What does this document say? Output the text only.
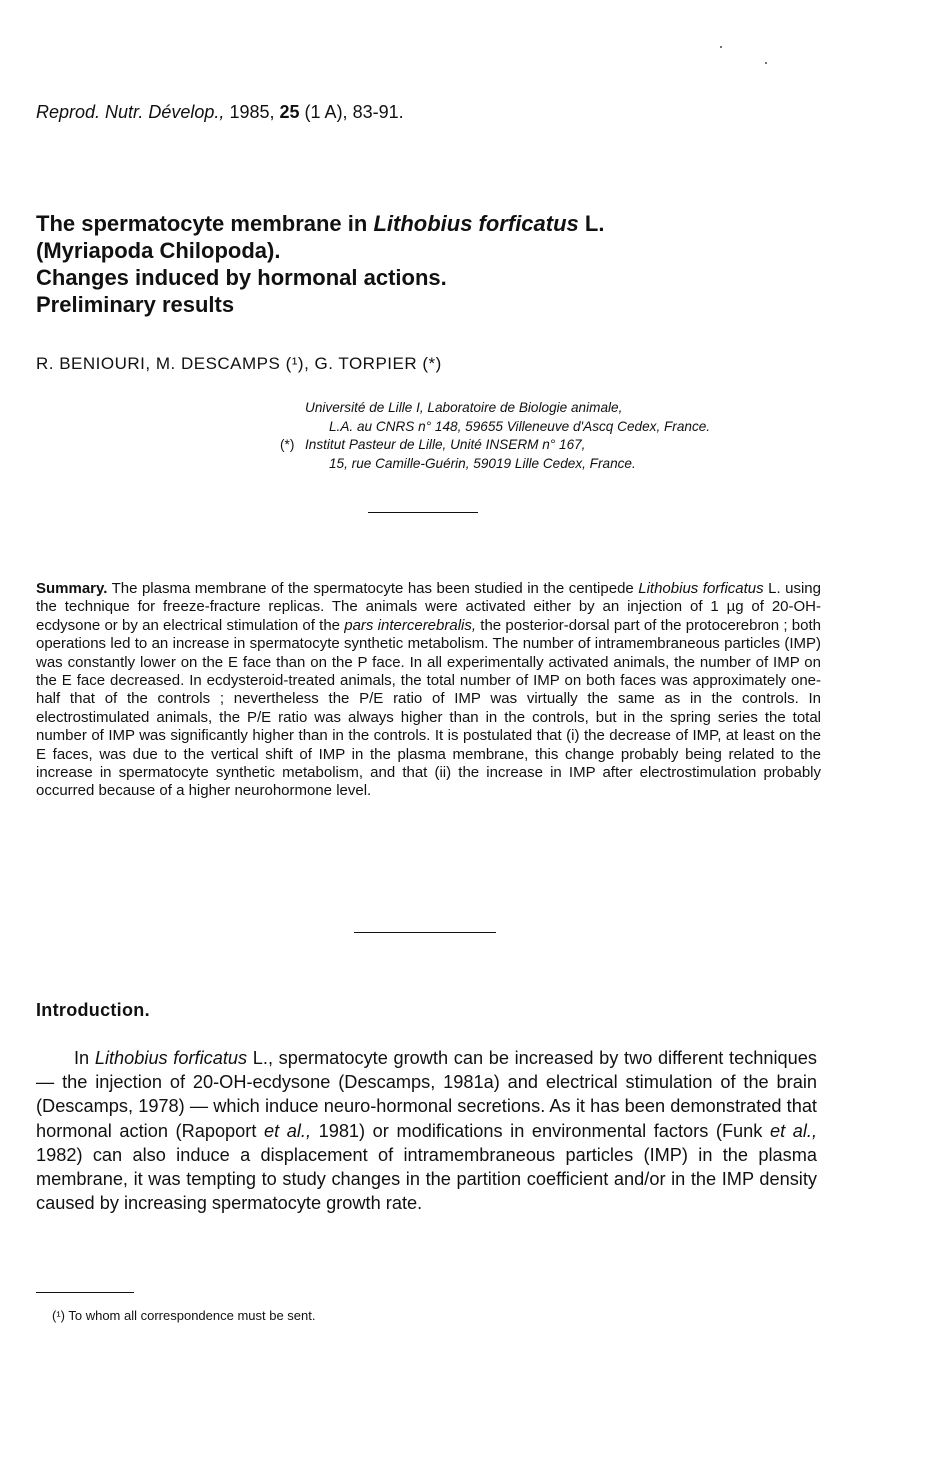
Reprod. Nutr. Dévelop., 1985, 25 (1 A), 83-91.
The spermatocyte membrane in Lithobius forficatus L.
(Myriapoda Chilopoda).
Changes induced by hormonal actions.
Preliminary results
R. BENIOURI, M. DESCAMPS (¹), G. TORPIER (*)
Université de Lille I, Laboratoire de Biologie animale,
L.A. au CNRS n° 148, 59655 Villeneuve d'Ascq Cedex, France.
(*) Institut Pasteur de Lille, Unité INSERM n° 167,
15, rue Camille-Guérin, 59019 Lille Cedex, France.
Summary. The plasma membrane of the spermatocyte has been studied in the centipede Lithobius forficatus L. using the technique for freeze-fracture replicas. The animals were activated either by an injection of 1 µg of 20-OH-ecdysone or by an electrical stimulation of the pars intercerebralis, the posterior-dorsal part of the protocerebron ; both operations led to an increase in spermatocyte synthetic metabolism. The number of intramembraneous particles (IMP) was constantly lower on the E face than on the P face. In all experimentally activated animals, the number of IMP on the E face decreased. In ecdysteroid-treated animals, the total number of IMP on both faces was approximately one-half that of the controls ; nevertheless the P/E ratio of IMP was virtually the same as in the controls. In electrostimulated animals, the P/E ratio was always higher than in the controls, but in the spring series the total number of IMP was significantly higher than in the controls. It is postulated that (i) the decrease of IMP, at least on the E faces, was due to the vertical shift of IMP in the plasma membrane, this change probably being related to the increase in spermatocyte synthetic metabolism, and that (ii) the increase in IMP after electrostimulation probably occurred because of a higher neurohormone level.
Introduction.
In Lithobius forficatus L., spermatocyte growth can be increased by two different techniques — the injection of 20-OH-ecdysone (Descamps, 1981a) and electrical stimulation of the brain (Descamps, 1978) — which induce neuro-hormonal secretions. As it has been demonstrated that hormonal action (Rapoport et al., 1981) or modifications in environmental factors (Funk et al., 1982) can also induce a displacement of intramembraneous particles (IMP) in the plasma membrane, it was tempting to study changes in the partition coefficient and/or in the IMP density caused by increasing spermatocyte growth rate.
(¹) To whom all correspondence must be sent.
